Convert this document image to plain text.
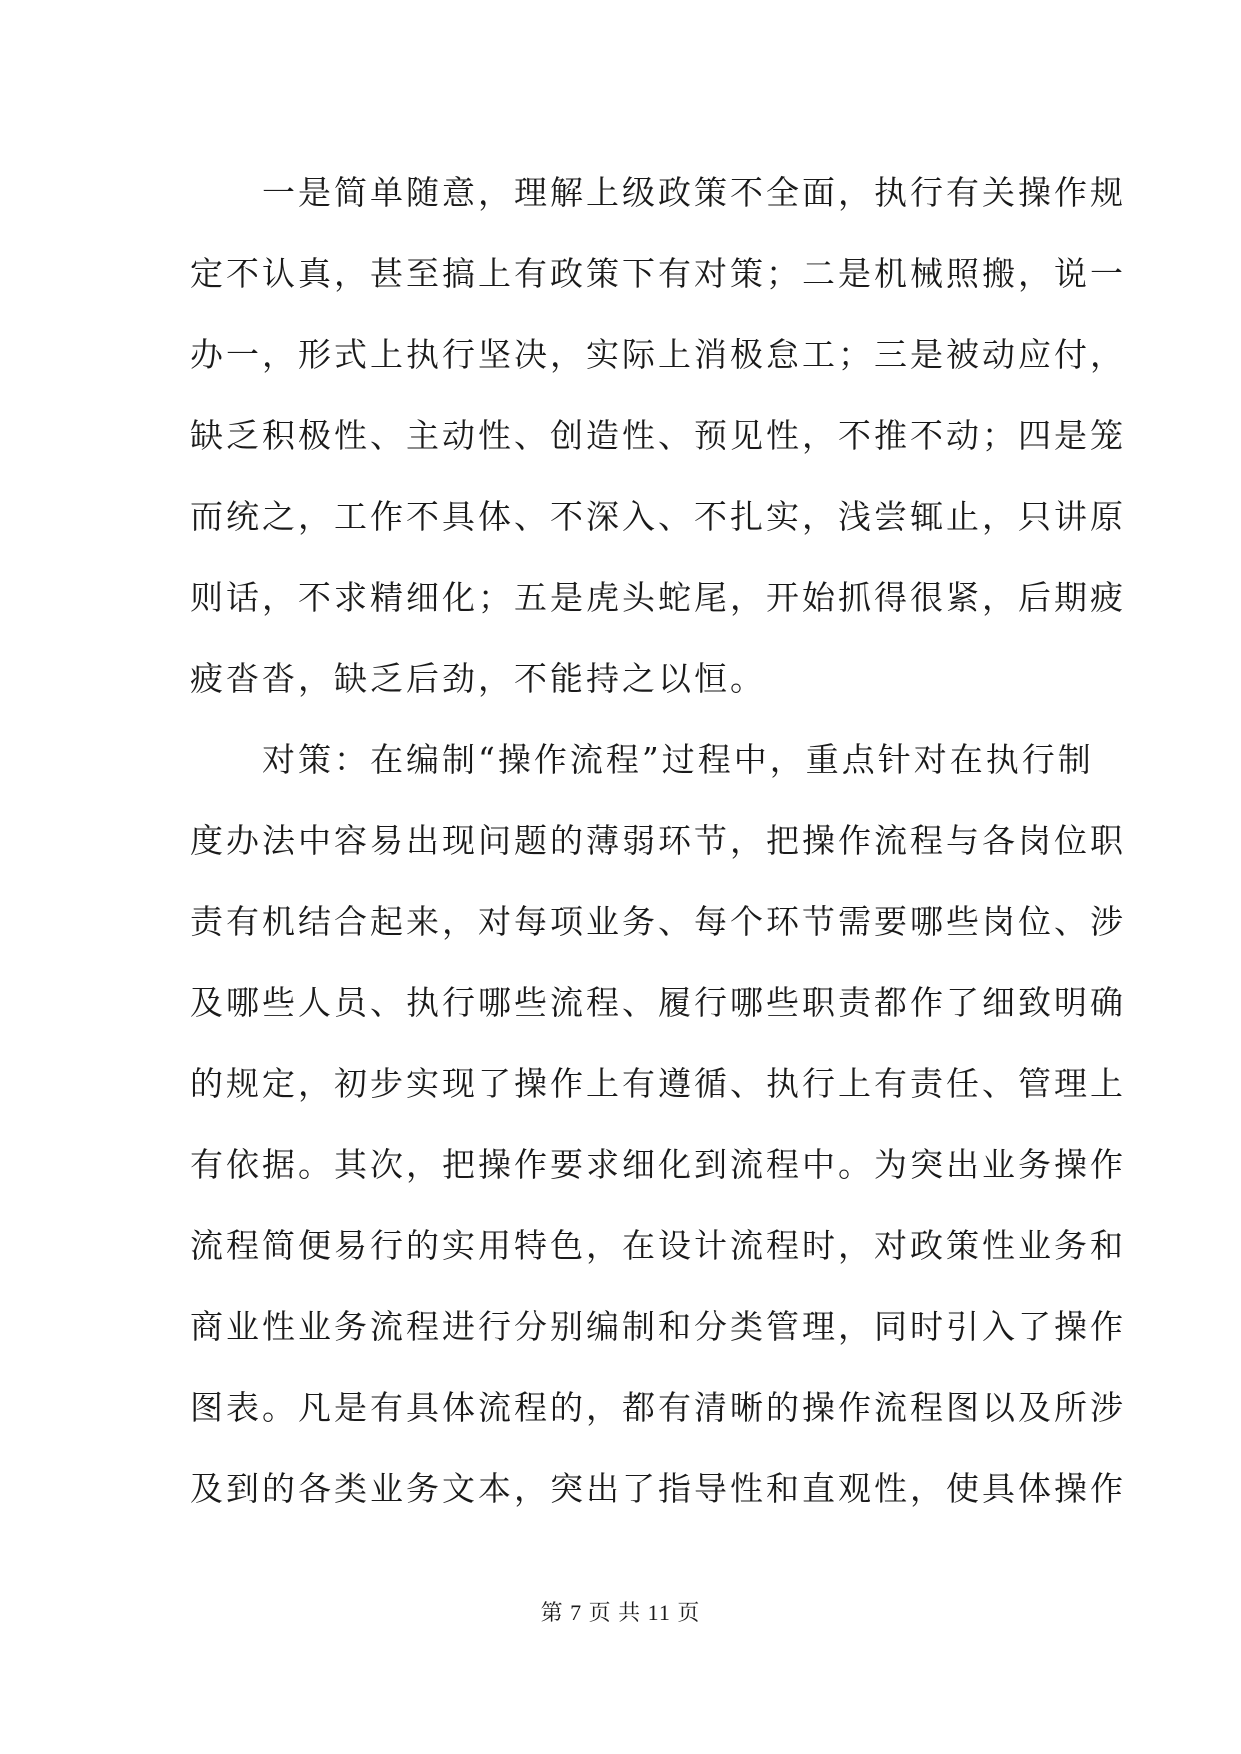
　　一是简单随意，理解上级政策不全面，执行有关操作规
定不认真，甚至搞上有政策下有对策；二是机械照搬，说一
办一，形式上执行坚决，实际上消极怠工；三是被动应付，
缺乏积极性、主动性、创造性、预见性，不推不动；四是笼
而统之，工作不具体、不深入、不扎实，浅尝辄止，只讲原
则话，不求精细化；五是虎头蛇尾，开始抓得很紧，后期疲
疲沓沓，缺乏后劲，不能持之以恒。
　　对策：在编制“操作流程”过程中，重点针对在执行制
度办法中容易出现问题的薄弱环节，把操作流程与各岗位职
责有机结合起来，对每项业务、每个环节需要哪些岗位、涉
及哪些人员、执行哪些流程、履行哪些职责都作了细致明确
的规定，初步实现了操作上有遵循、执行上有责任、管理上
有依据。其次，把操作要求细化到流程中。为突出业务操作
流程简便易行的实用特色，在设计流程时，对政策性业务和
商业性业务流程进行分别编制和分类管理，同时引入了操作
图表。凡是有具体流程的，都有清晰的操作流程图以及所涉
及到的各类业务文本，突出了指导性和直观性，使具体操作
第 7 页 共 11 页
